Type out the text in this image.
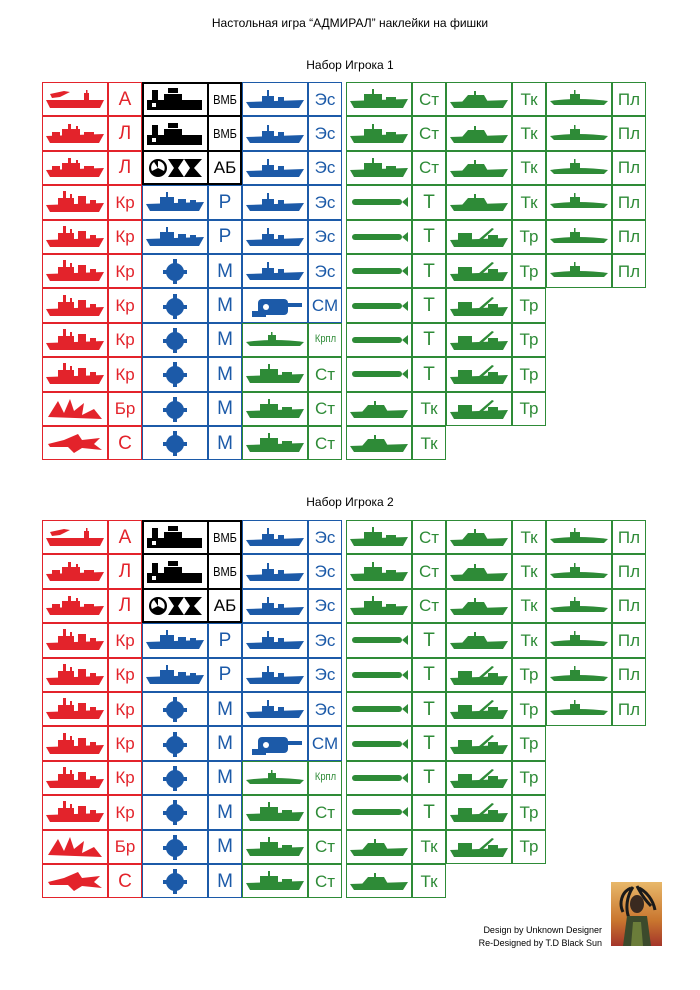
Настольная игра “АДМИРАЛ” наклейки на фишки
Набор Игрока 1
А
Л
Л
Кр
Кр
Кр
Кр
Кр
Кр
Бр
С
ВМБ
ВМБ
АБ
Р
Р
М
М
М
М
М
М
Эс
Эс
Эс
Эс
Эс
Эс
СМ
Крпл
Ст
Ст
Ст
Ст
Ст
Ст
Т
Т
Т
Т
Т
Т
Тк
Тк
Тк
Тк
Тк
Тк
Тр
Тр
Тр
Тр
Тр
Тр
Пл
Пл
Пл
Пл
Пл
Пл
Набор Игрока 2
А
Л
Л
Кр
Кр
Кр
Кр
Кр
Кр
Бр
С
ВМБ
ВМБ
АБ
Р
Р
М
М
М
М
М
М
Эс
Эс
Эс
Эс
Эс
Эс
СМ
Крпл
Ст
Ст
Ст
Ст
Ст
Ст
Т
Т
Т
Т
Т
Т
Тк
Тк
Тк
Тк
Тк
Тк
Тр
Тр
Тр
Тр
Тр
Тр
Пл
Пл
Пл
Пл
Пл
Пл
Design by Unknown Designer
Re-Designed by T.D Black Sun
